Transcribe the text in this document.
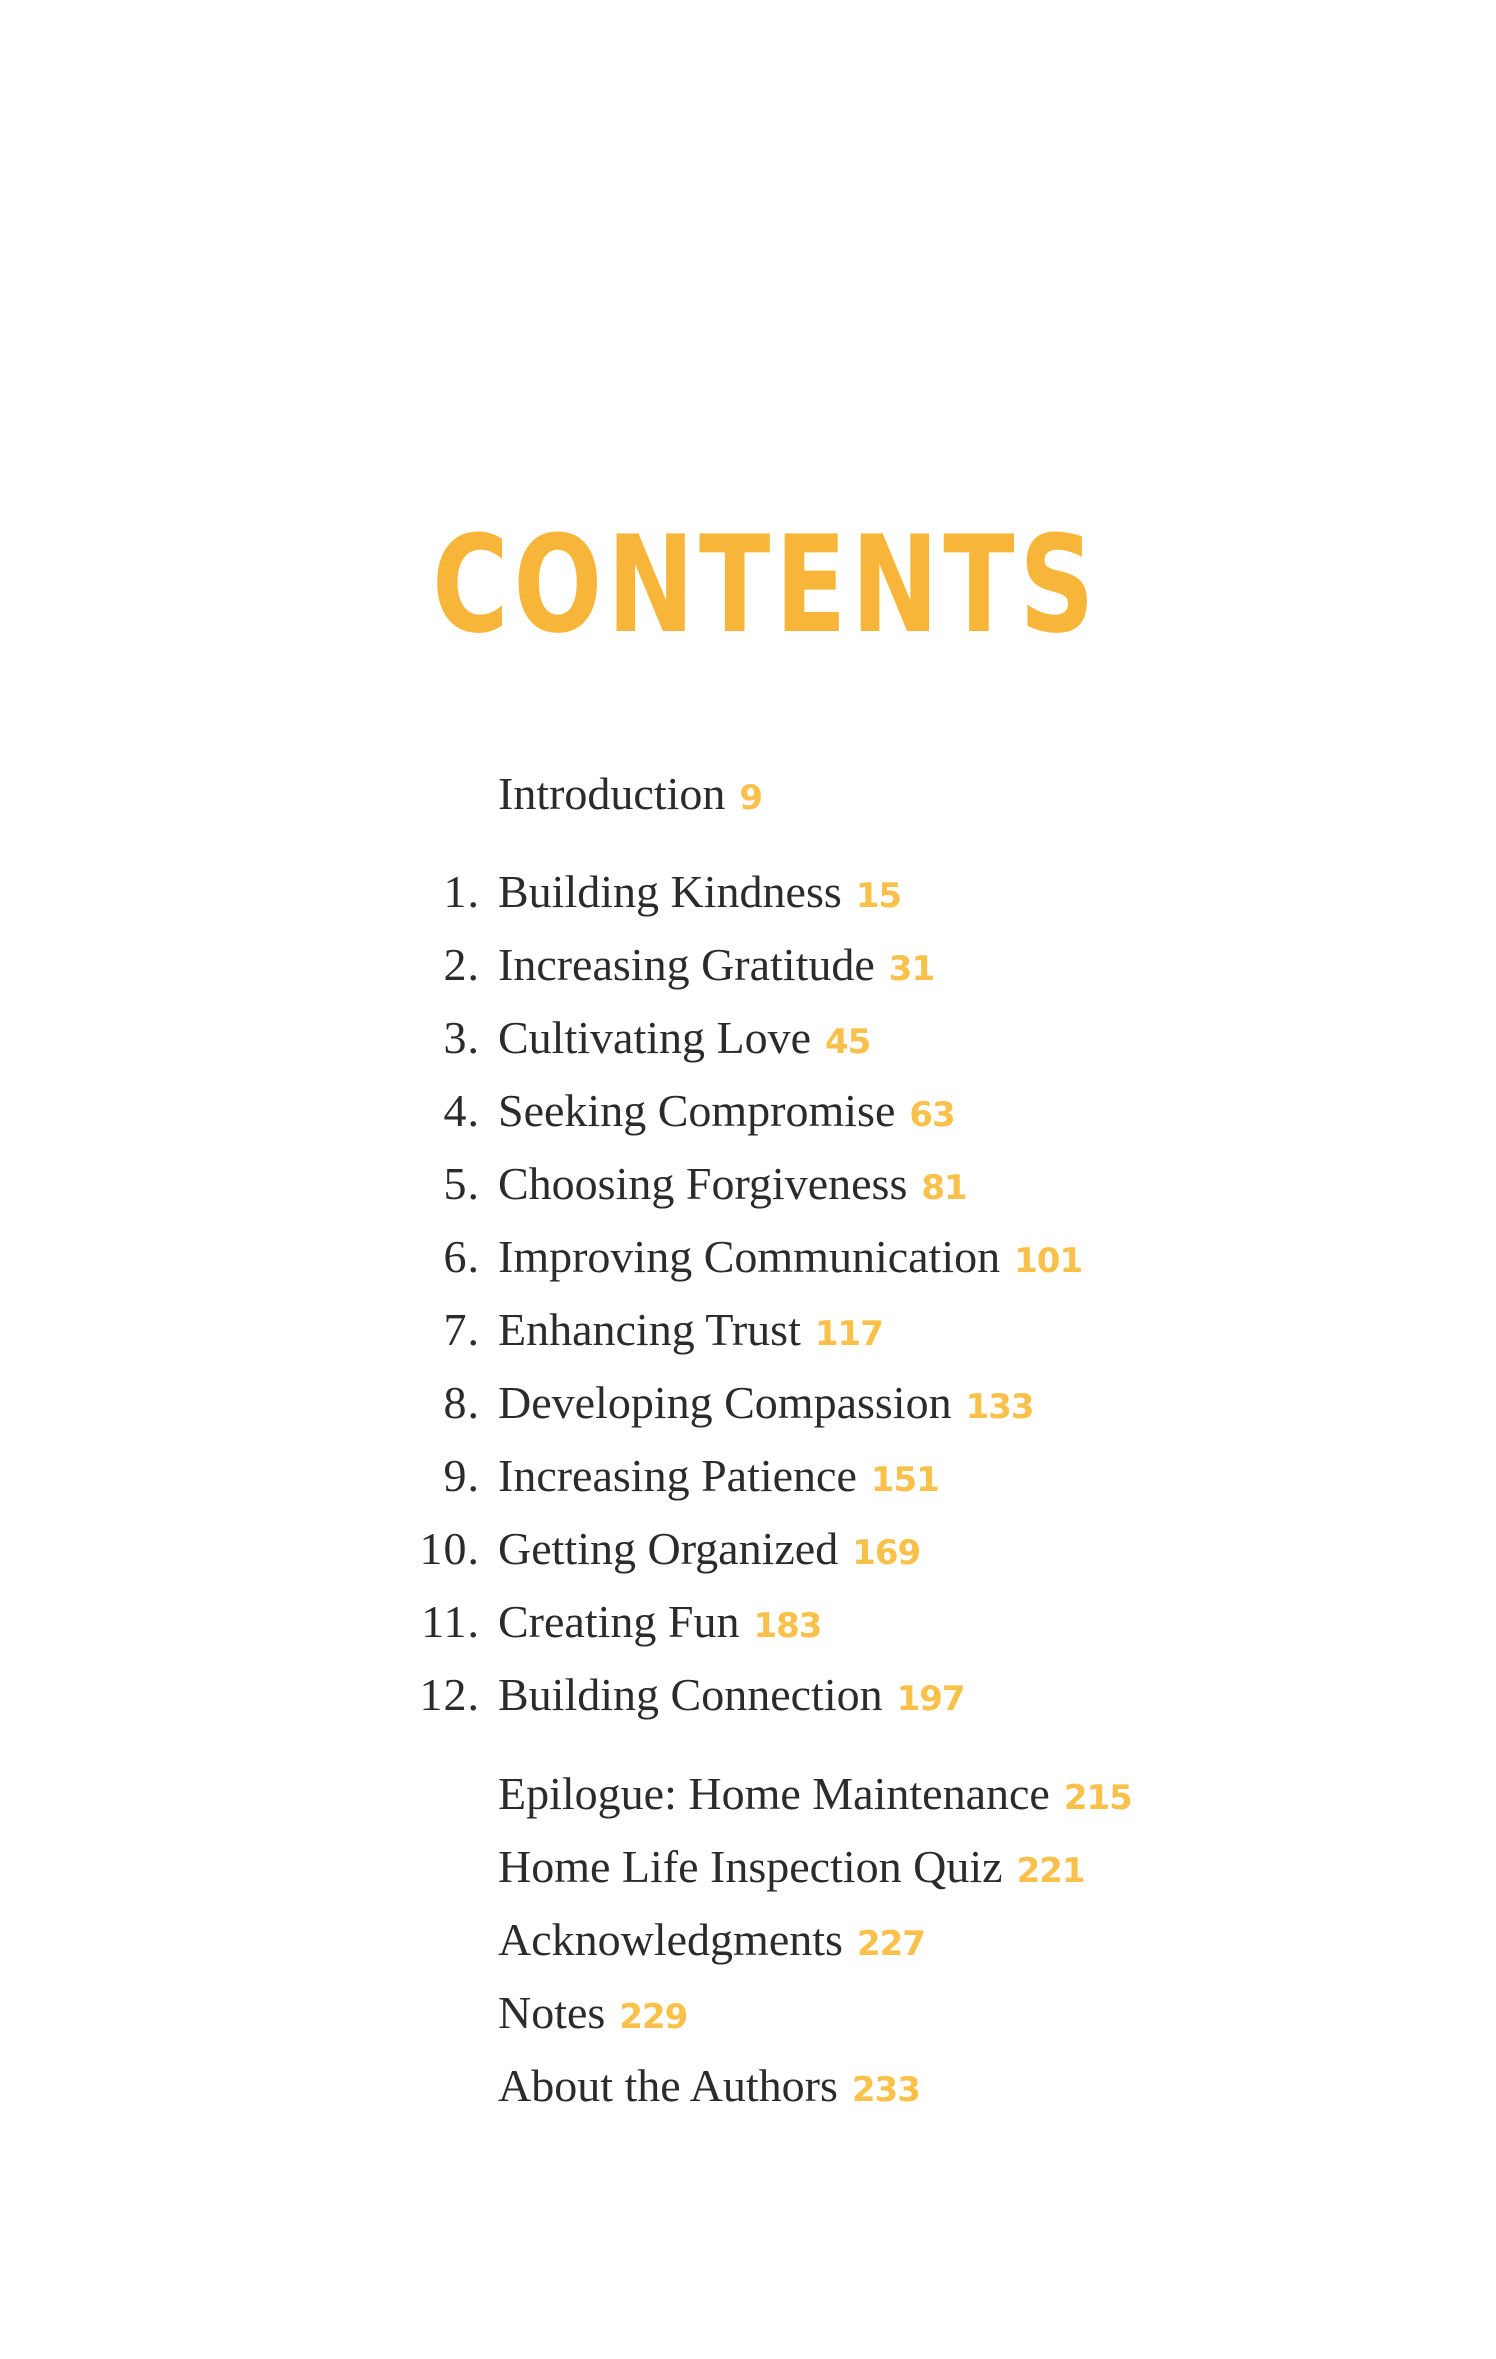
CONTENTS
Introduction 9
1. Building Kindness 15
2. Increasing Gratitude 31
3. Cultivating Love 45
4. Seeking Compromise 63
5. Choosing Forgiveness 81
6. Improving Communication 101
7. Enhancing Trust 117
8. Developing Compassion 133
9. Increasing Patience 151
10. Getting Organized 169
11. Creating Fun 183
12. Building Connection 197
Epilogue: Home Maintenance 215
Home Life Inspection Quiz 221
Acknowledgments 227
Notes 229
About the Authors 233
